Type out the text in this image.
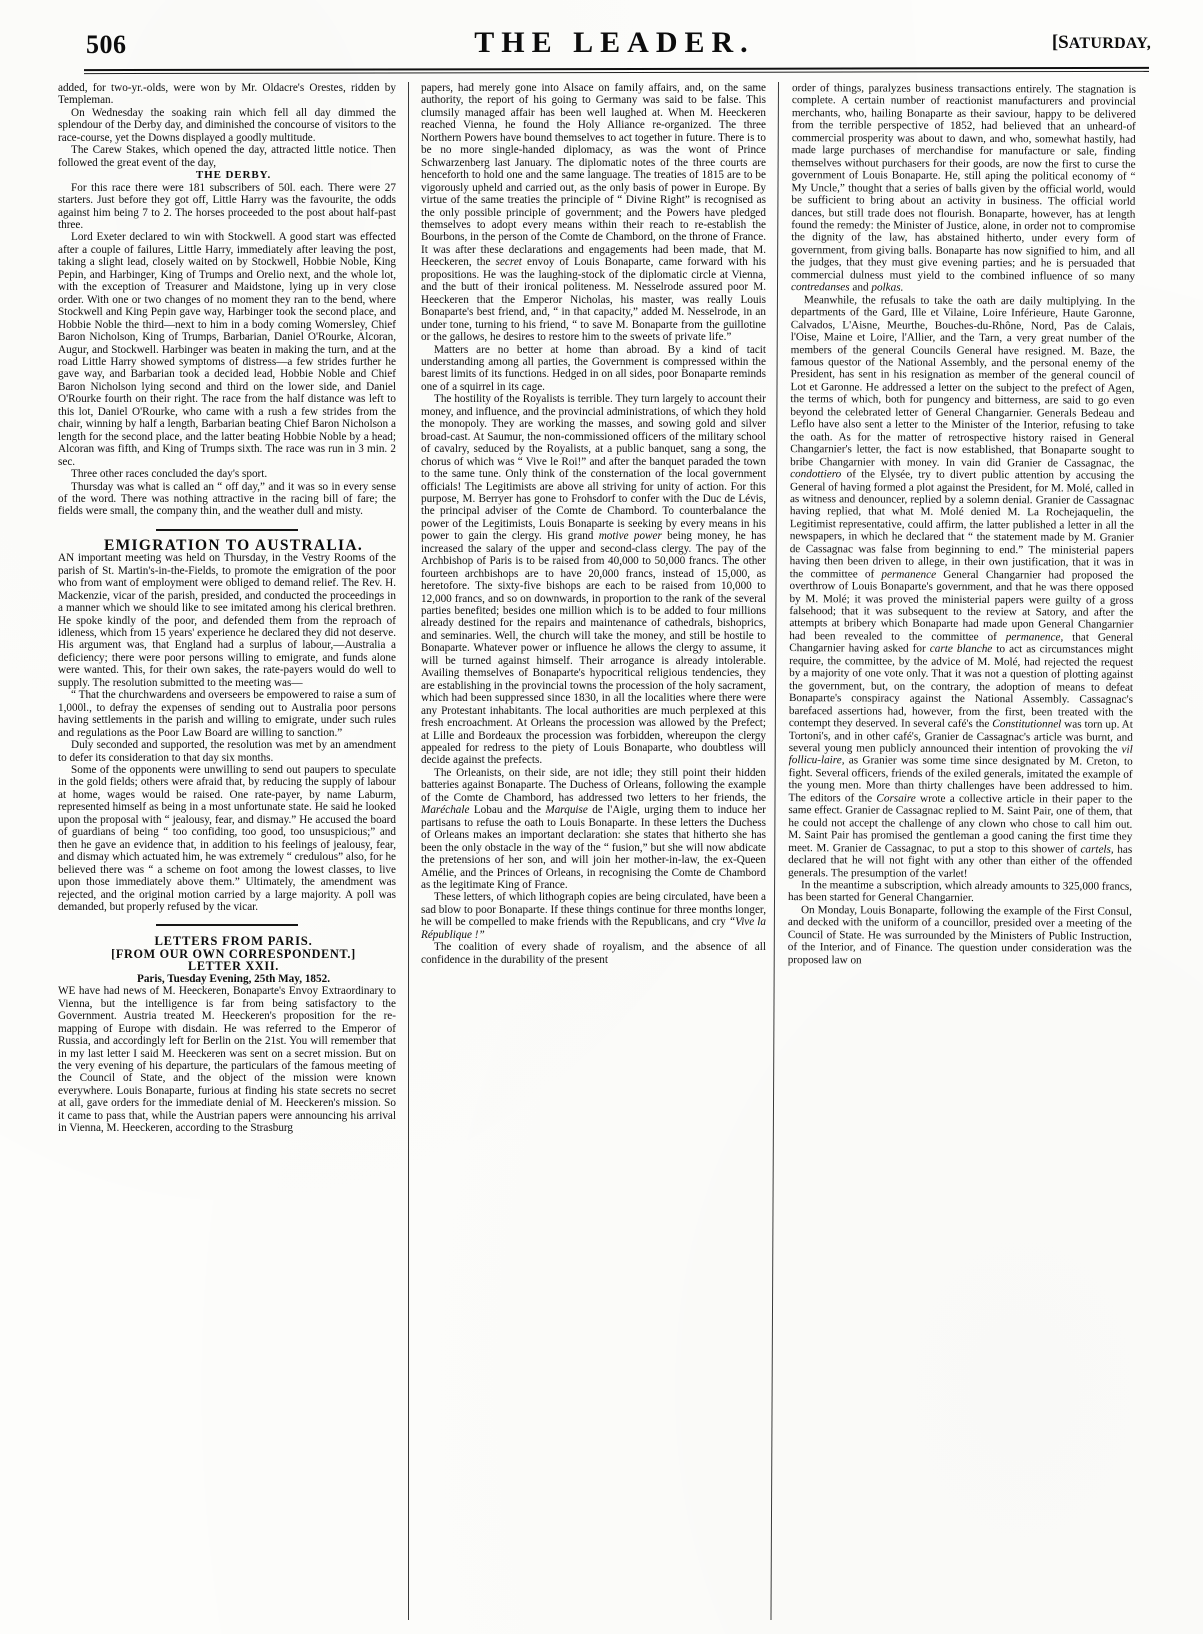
506	THE LEADER.	[SATURDAY,

added, for two-yr.-olds, were won by Mr. Oldacre's Orestes, ridden by Templeman.

On Wednesday the soaking rain which fell all day dimmed the splendour of the Derby day, and diminished the concourse of visitors to the race-course, yet the Downs displayed a goodly multitude.

The Carew Stakes, which opened the day, attracted little notice. Then followed the great event of the day,

THE DERBY.

For this race there were 181 subscribers of 50l. each. There were 27 starters. Just before they got off, Little Harry was the favourite, the odds against him being 7 to 2. The horses proceeded to the post about half-past three.

Lord Exeter declared to win with Stockwell. A good start was effected after a couple of failures, Little Harry, immediately after leaving the post, taking a slight lead, closely waited on by Stockwell, Hobbie Noble, King Pepin, and Harbinger, King of Trumps and Orelio next, and the whole lot, with the exception of Treasurer and Maidstone, lying up in very close order. With one or two changes of no moment they ran to the bend, where Stockwell and King Pepin gave way, Harbinger took the second place, and Hobbie Noble the third—next to him in a body coming Womersley, Chief Baron Nicholson, King of Trumps, Barbarian, Daniel O'Rourke, Alcoran, Augur, and Stockwell. Harbinger was beaten in making the turn, and at the road Little Harry showed symptoms of distress—a few strides further he gave way, and Barbarian took a decided lead, Hobbie Noble and Chief Baron Nicholson lying second and third on the lower side, and Daniel O'Rourke fourth on their right. The race from the half distance was left to this lot, Daniel O'Rourke, who came with a rush a few strides from the chair, winning by half a length, Barbarian beating Chief Baron Nicholson a length for the second place, and the latter beating Hobbie Noble by a head; Alcoran was fifth, and King of Trumps sixth. The race was run in 3 min. 2 sec.

Three other races concluded the day's sport.

Thursday was what is called an “ off day,” and it was so in every sense of the word. There was nothing attractive in the racing bill of fare; the fields were small, the company thin, and the weather dull and misty.

EMIGRATION TO AUSTRALIA.

AN important meeting was held on Thursday, in the Vestry Rooms of the parish of St. Martin's-in-the-Fields, to promote the emigration of the poor who from want of employment were obliged to demand relief. The Rev. H. Mackenzie, vicar of the parish, presided, and conducted the proceedings in a manner which we should like to see imitated among his clerical brethren. He spoke kindly of the poor, and defended them from the reproach of idleness, which from 15 years' experience he declared they did not deserve. His argument was, that England had a surplus of labour,—Australia a deficiency; there were poor persons willing to emigrate, and funds alone were wanted. This, for their own sakes, the rate-payers would do well to supply. The resolution submitted to the meeting was—

“ That the churchwardens and overseers be empowered to raise a sum of 1,000l., to defray the expenses of sending out to Australia poor persons having settlements in the parish and willing to emigrate, under such rules and regulations as the Poor Law Board are willing to sanction.”

Duly seconded and supported, the resolution was met by an amendment to defer its consideration to that day six months.

Some of the opponents were unwilling to send out paupers to speculate in the gold fields; others were afraid that, by reducing the supply of labour at home, wages would be raised. One rate-payer, by name Laburm, represented himself as being in a most unfortunate state. He said he looked upon the proposal with “ jealousy, fear, and dismay.” He accused the board of guardians of being “ too confiding, too good, too unsuspicious;” and then he gave an evidence that, in addition to his feelings of jealousy, fear, and dismay which actuated him, he was extremely “ credulous” also, for he believed there was “ a scheme on foot among the lowest classes, to live upon those immediately above them.” Ultimately, the amendment was rejected, and the original motion carried by a large majority. A poll was demanded, but properly refused by the vicar.

LETTERS FROM PARIS.

[FROM OUR OWN CORRESPONDENT.]

LETTER XXII.

Paris, Tuesday Evening, 25th May, 1852.

WE have had news of M. Heeckeren, Bonaparte's Envoy Extraordinary to Vienna, but the intelligence is far from being satisfactory to the Government. Austria treated M. Heeckeren's proposition for the re-mapping of Europe with disdain. He was referred to the Emperor of Russia, and accordingly left for Berlin on the 21st. You will remember that in my last letter I said M. Heeckeren was sent on a secret mission. But on the very evening of his departure, the particulars of the famous meeting of the Council of State, and the object of the mission were known everywhere. Louis Bonaparte, furious at finding his state secrets no secret at all, gave orders for the immediate denial of M. Heeckeren's mission. So it came to pass that, while the Austrian papers were announcing his arrival in Vienna, M. Heeckeren, according to the Strasburg

papers, had merely gone into Alsace on family affairs, and, on the same authority, the report of his going to Germany was said to be false. This clumsily managed affair has been well laughed at. When M. Heeckeren reached Vienna, he found the Holy Alliance re-organized. The three Northern Powers have bound themselves to act together in future. There is to be no more single-handed diplomacy, as was the wont of Prince Schwarzenberg last January. The diplomatic notes of the three courts are henceforth to hold one and the same language. The treaties of 1815 are to be vigorously upheld and carried out, as the only basis of power in Europe. By virtue of the same treaties the principle of “ Divine Right” is recognised as the only possible principle of government; and the Powers have pledged themselves to adopt every means within their reach to re-establish the Bourbons, in the person of the Comte de Chambord, on the throne of France. It was after these declarations and engagements had been made, that M. Heeckeren, the secret envoy of Louis Bonaparte, came forward with his propositions. He was the laughing-stock of the diplomatic circle at Vienna, and the butt of their ironical politeness. M. Nesselrode assured poor M. Heeckeren that the Emperor Nicholas, his master, was really Louis Bonaparte's best friend, and, “ in that capacity,” added M. Nesselrode, in an under tone, turning to his friend, “ to save M. Bonaparte from the guillotine or the gallows, he desires to restore him to the sweets of private life.”

Matters are no better at home than abroad. By a kind of tacit understanding among all parties, the Government is compressed within the barest limits of its functions. Hedged in on all sides, poor Bonaparte reminds one of a squirrel in its cage.

The hostility of the Royalists is terrible. They turn largely to account their money, and influence, and the provincial administrations, of which they hold the monopoly. They are working the masses, and sowing gold and silver broad-cast. At Saumur, the non-commissioned officers of the military school of cavalry, seduced by the Royalists, at a public banquet, sang a song, the chorus of which was “ Vive le Roi!” and after the banquet paraded the town to the same tune. Only think of the consternation of the local government officials! The Legitimists are above all striving for unity of action. For this purpose, M. Berryer has gone to Frohsdorf to confer with the Duc de Lévis, the principal adviser of the Comte de Chambord. To counterbalance the power of the Legitimists, Louis Bonaparte is seeking by every means in his power to gain the clergy. His grand motive power being money, he has increased the salary of the upper and second-class clergy. The pay of the Archbishop of Paris is to be raised from 40,000 to 50,000 francs. The other fourteen archbishops are to have 20,000 francs, instead of 15,000, as heretofore. The sixty-five bishops are each to be raised from 10,000 to 12,000 francs, and so on downwards, in proportion to the rank of the several parties benefited; besides one million which is to be added to four millions already destined for the repairs and maintenance of cathedrals, bishoprics, and seminaries. Well, the church will take the money, and still be hostile to Bonaparte. Whatever power or influence he allows the clergy to assume, it will be turned against himself. Their arrogance is already intolerable. Availing themselves of Bonaparte's hypocritical religious tendencies, they are establishing in the provincial towns the procession of the holy sacrament, which had been suppressed since 1830, in all the localities where there were any Protestant inhabitants. The local authorities are much perplexed at this fresh encroachment. At Orleans the procession was allowed by the Prefect; at Lille and Bordeaux the procession was forbidden, whereupon the clergy appealed for redress to the piety of Louis Bonaparte, who doubtless will decide against the prefects.

The Orleanists, on their side, are not idle; they still point their hidden batteries against Bonaparte. The Duchess of Orleans, following the example of the Comte de Chambord, has addressed two letters to her friends, the Maréchale Lobau and the Marquise de l'Aigle, urging them to induce her partisans to refuse the oath to Louis Bonaparte. In these letters the Duchess of Orleans makes an important declaration: she states that hitherto she has been the only obstacle in the way of the “ fusion,” but she will now abdicate the pretensions of her son, and will join her mother-in-law, the ex-Queen Amélie, and the Princes of Orleans, in recognising the Comte de Chambord as the legitimate King of France.

These letters, of which lithograph copies are being circulated, have been a sad blow to poor Bonaparte. If these things continue for three months longer, he will be compelled to make friends with the Republicans, and cry “Vive la République !”

The coalition of every shade of royalism, and the absence of all confidence in the durability of the present

order of things, paralyzes business transactions entirely. The stagnation is complete. A certain number of reactionist manufacturers and provincial merchants, who, hailing Bonaparte as their saviour, happy to be delivered from the terrible perspective of 1852, had believed that an unheard-of commercial prosperity was about to dawn, and who, somewhat hastily, had made large purchases of merchandise for manufacture or sale, finding themselves without purchasers for their goods, are now the first to curse the government of Louis Bonaparte. He, still aping the political economy of “ My Uncle,” thought that a series of balls given by the official world, would be sufficient to bring about an activity in business. The official world dances, but still trade does not flourish. Bonaparte, however, has at length found the remedy: the Minister of Justice, alone, in order not to compromise the dignity of the law, has abstained hitherto, under every form of government, from giving balls. Bonaparte has now signified to him, and all the judges, that they must give evening parties; and he is persuaded that commercial dulness must yield to the combined influence of so many contredanses and polkas.

Meanwhile, the refusals to take the oath are daily multiplying. In the departments of the Gard, Ille et Vilaine, Loire Inférieure, Haute Garonne, Calvados, L'Aisne, Meurthe, Bouches-du-Rhône, Nord, Pas de Calais, l'Oise, Maine et Loire, l'Allier, and the Tarn, a very great number of the members of the general Councils General have resigned. M. Baze, the famous questor of the National Assembly, and the personal enemy of the President, has sent in his resignation as member of the general council of Lot et Garonne. He addressed a letter on the subject to the prefect of Agen, the terms of which, both for pungency and bitterness, are said to go even beyond the celebrated letter of General Changarnier. Generals Bedeau and Leflo have also sent a letter to the Minister of the Interior, refusing to take the oath. As for the matter of retrospective history raised in General Changarnier's letter, the fact is now established, that Bonaparte sought to bribe Changarnier with money. In vain did Granier de Cassagnac, the condottiero of the Elysée, try to divert public attention by accusing the General of having formed a plot against the President, for M. Molé, called in as witness and denouncer, replied by a solemn denial. Granier de Cassagnac having replied, that what M. Molé denied M. La Rochejaquelin, the Legitimist representative, could affirm, the latter published a letter in all the newspapers, in which he declared that “ the statement made by M. Granier de Cassagnac was false from beginning to end.” The ministerial papers having then been driven to allege, in their own justification, that it was in the committee of permanence General Changarnier had proposed the overthrow of Louis Bonaparte's government, and that he was there opposed by M. Molé; it was proved the ministerial papers were guilty of a gross falsehood; that it was subsequent to the review at Satory, and after the attempts at bribery which Bonaparte had made upon General Changarnier had been revealed to the committee of permanence, that General Changarnier having asked for carte blanche to act as circumstances might require, the committee, by the advice of M. Molé, had rejected the request by a majority of one vote only. That it was not a question of plotting against the government, but, on the contrary, the adoption of means to defeat Bonaparte's conspiracy against the National Assembly. Cassagnac's barefaced assertions had, however, from the first, been treated with the contempt they deserved. In several café's the Constitutionnel was torn up. At Tortoni's, and in other café's, Granier de Cassagnac's article was burnt, and several young men publicly announced their intention of provoking the vil follicu-laire, as Granier was some time since designated by M. Creton, to fight. Several officers, friends of the exiled generals, imitated the example of the young men. More than thirty challenges have been addressed to him. The editors of the Corsaire wrote a collective article in their paper to the same effect. Granier de Cassagnac replied to M. Saint Pair, one of them, that he could not accept the challenge of any clown who chose to call him out. M. Saint Pair has promised the gentleman a good caning the first time they meet. M. Granier de Cassagnac, to put a stop to this shower of cartels, has declared that he will not fight with any other than either of the offended generals. The presumption of the varlet!

In the meantime a subscription, which already amounts to 325,000 francs, has been started for General Changarnier.

On Monday, Louis Bonaparte, following the example of the First Consul, and decked with the uniform of a councillor, presided over a meeting of the Council of State. He was surrounded by the Ministers of Public Instruction, of the Interior, and of Finance. The question under consideration was the proposed law on
